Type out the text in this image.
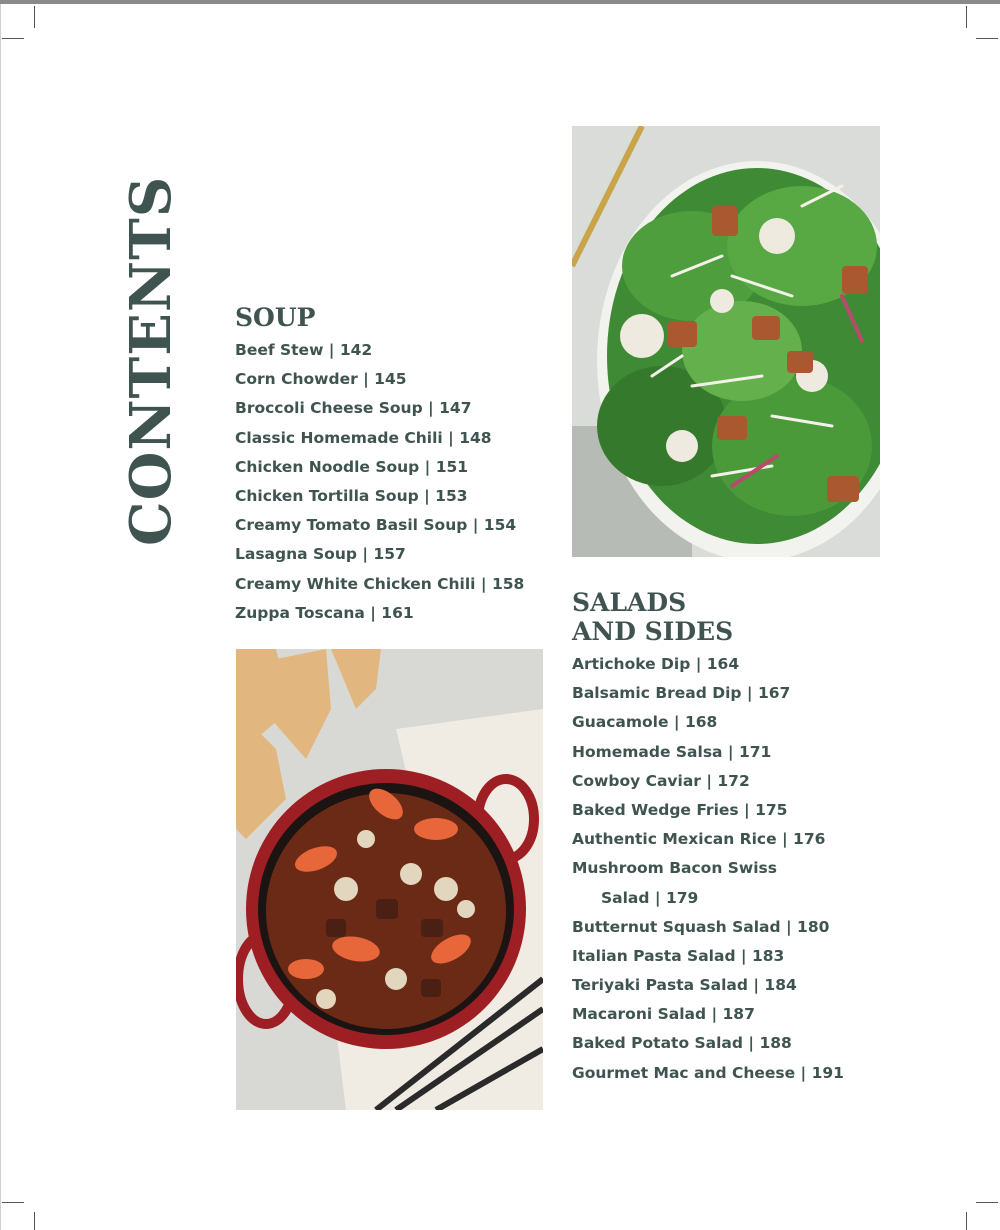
CONTENTS SOUP
Beef Stew | 142
Corn Chowder | 145
Broccoli Cheese Soup | 147
Classic Homemade Chili | 148
Chicken Noodle Soup | 151
Chicken Tortilla Soup | 153
Creamy Tomato Basil Soup | 154
Lasagna Soup | 157
Creamy White Chicken Chili | 158
Zuppa Toscana | 161	SALADS
AND SIDES
Artichoke Dip | 164
Balsamic Bread Dip | 167
Guacamole | 168
Homemade Salsa | 171
Cowboy Caviar | 172
Baked Wedge Fries | 175
Authentic Mexican Rice | 176
Mushroom Bacon Swiss
Salad | 179
Butternut Squash Salad | 180
Italian Pasta Salad | 183
Teriyaki Pasta Salad | 184
Macaroni Salad | 187
Baked Potato Salad | 188
Gourmet Mac and Cheese | 191
